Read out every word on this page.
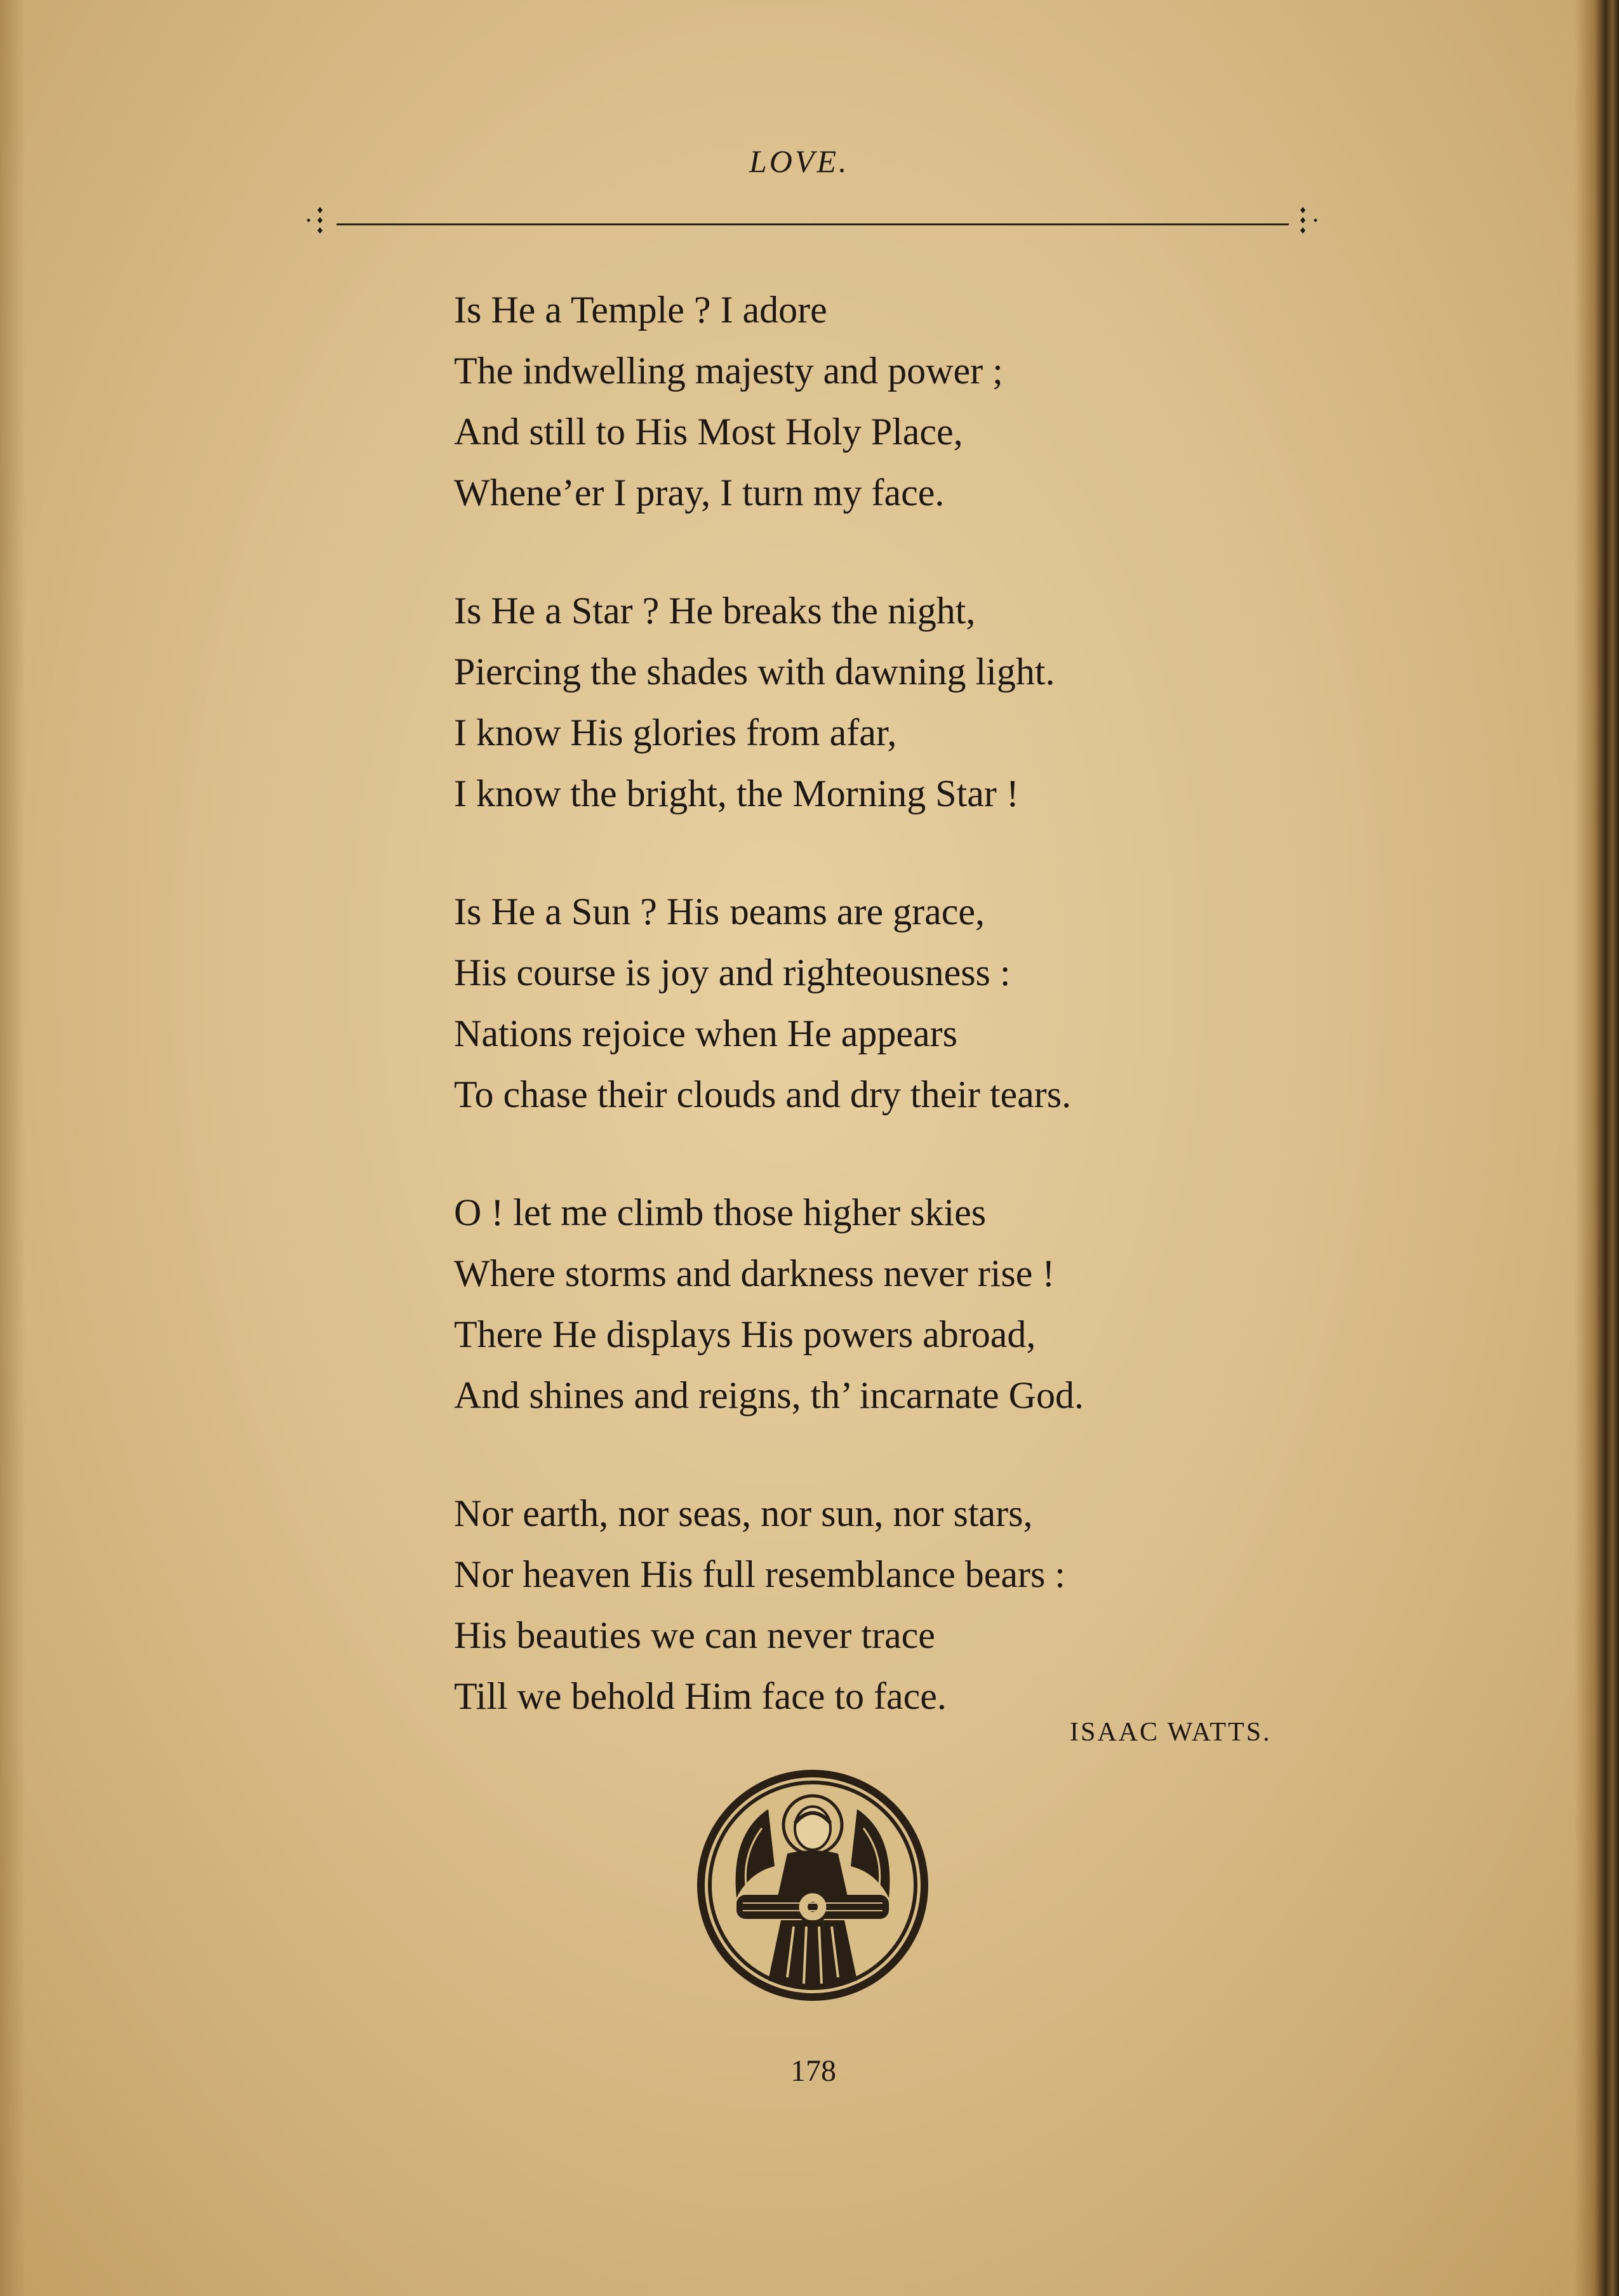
LOVE.
Is He a Temple ? I adore
The indwelling majesty and power ;
And still to His Most Holy Place,
Whene’er I pray, I turn my face.
Is He a Star ? He breaks the night,
Piercing the shades with dawning light.
I know His glories from afar,
I know the bright, the Morning Star !
Is He a Sun ? His ɒeams are grace,
His course is joy and righteousness :
Nations rejoice when He appears
To chase their clouds and dry their tears.
O ! let me climb those higher skies
Where storms and darkness never rise !
There He displays His powers abroad,
And shines and reigns, th’ incarnate Goԁ.
Nor earth, nor seas, nor sun, nor stars,
Nor heaven His full resemblance bears :
His beauties we can never trace
Till we behold Him face to face.
ISAAC WATTS.
178
